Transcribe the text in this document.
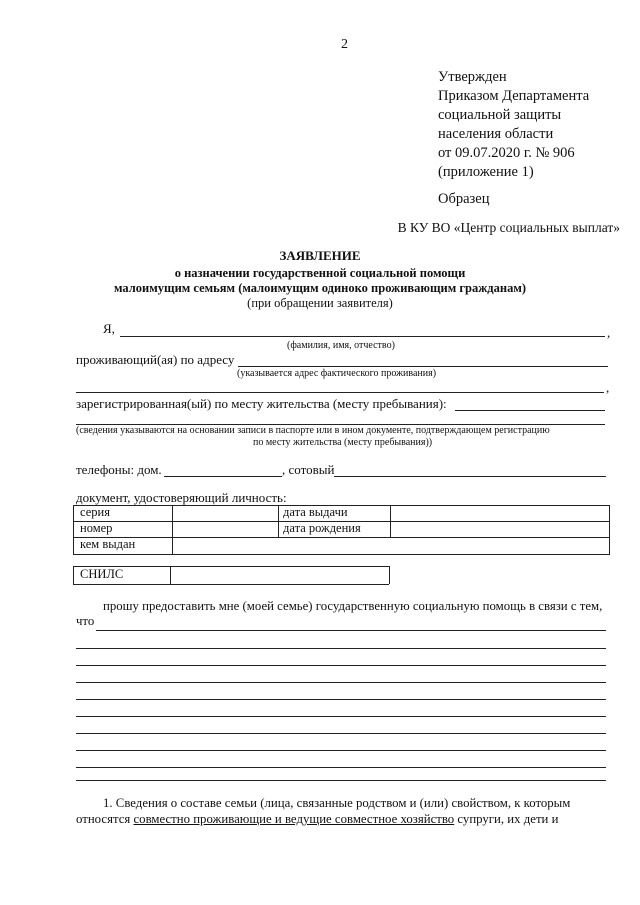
2
Утвержден
Приказом Департамента
социальной защиты
населения области
от 09.07.2020 г. № 906
(приложение 1)
Образец
В КУ ВО «Центр социальных выплат»
ЗАЯВЛЕНИЕ
о назначении государственной социальной помощи
малоимущим семьям (малоимущим одиноко проживающим гражданам)
(при обращении заявителя)
Я,	,
(фамилия, имя, отчество)
проживающий(ая) по адресу
(указывается адрес фактического проживания)
,
зарегистрированная(ый) по месту жительства (месту пребывания):
(сведения указываются на основании записи в паспорте или в ином документе, подтверждающем регистрацию
по месту жительства (месту пребывания))
телефоны: дом.	, сотовый
документ, удостоверяющий личность:
серия
номер
кем выдан
дата выдачи
дата рождения
СНИЛС
прошу предоставить мне (моей семье) государственную социальную помощь в связи с тем,
что
1. Сведения о составе семьи (лица, связанные родством и (или) свойством, к которым
относятся совместно проживающие и ведущие совместное хозяйство супруги, их дети и
